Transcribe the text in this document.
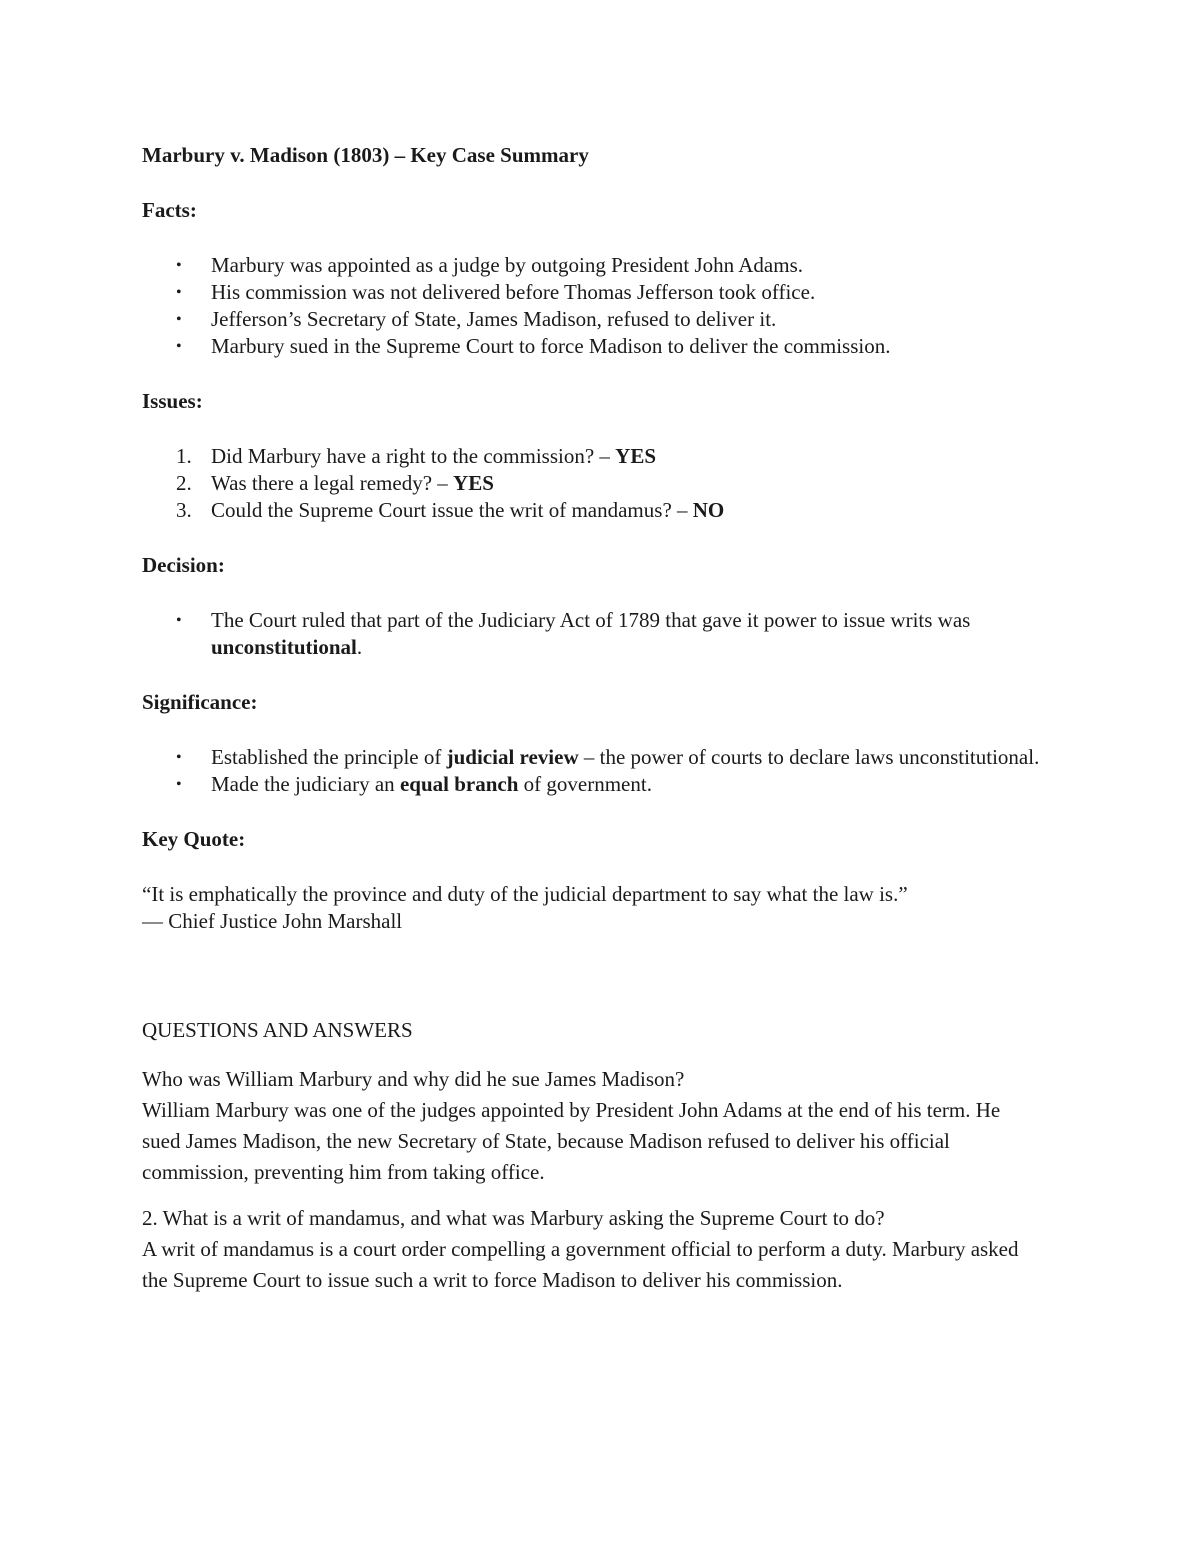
Marbury v. Madison (1803) – Key Case Summary

Facts:

• Marbury was appointed as a judge by outgoing President John Adams.
• His commission was not delivered before Thomas Jefferson took office.
• Jefferson’s Secretary of State, James Madison, refused to deliver it.
• Marbury sued in the Supreme Court to force Madison to deliver the commission.

Issues:

1. Did Marbury have a right to the commission? – YES
2. Was there a legal remedy? – YES
3. Could the Supreme Court issue the writ of mandamus? – NO

Decision:

• The Court ruled that part of the Judiciary Act of 1789 that gave it power to issue writs was unconstitutional.

Significance:

• Established the principle of judicial review – the power of courts to declare laws unconstitutional.
• Made the judiciary an equal branch of government.

Key Quote:

“It is emphatically the province and duty of the judicial department to say what the law is.”
— Chief Justice John Marshall

QUESTIONS AND ANSWERS

Who was William Marbury and why did he sue James Madison?
William Marbury was one of the judges appointed by President John Adams at the end of his term. He sued James Madison, the new Secretary of State, because Madison refused to deliver his official commission, preventing him from taking office.

2. What is a writ of mandamus, and what was Marbury asking the Supreme Court to do?
A writ of mandamus is a court order compelling a government official to perform a duty. Marbury asked the Supreme Court to issue such a writ to force Madison to deliver his commission.
